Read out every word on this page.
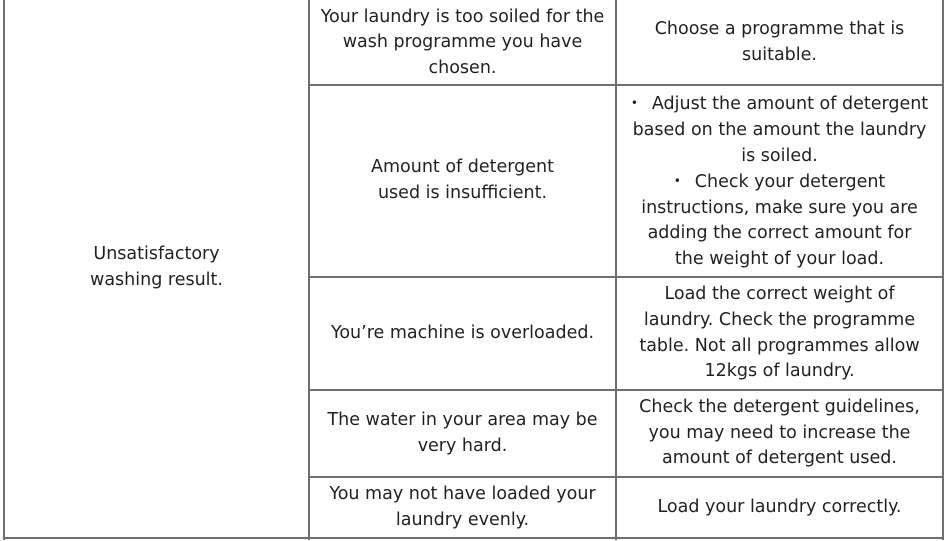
Unsatisfactory washing result.
Your laundry is too soiled for the wash programme you have chosen.
Choose a programme that is suitable.
Amount of detergent used is insufficient.
• Adjust the amount of detergent based on the amount the laundry is soiled.
• Check your detergent instructions, make sure you are adding the correct amount for the weight of your load.
You’re machine is overloaded.
Load the correct weight of laundry. Check the programme table. Not all programmes allow 12kgs of laundry.
The water in your area may be very hard.
Check the detergent guidelines, you may need to increase the amount of detergent used.
You may not have loaded your laundry evenly.
Load your laundry correctly.
